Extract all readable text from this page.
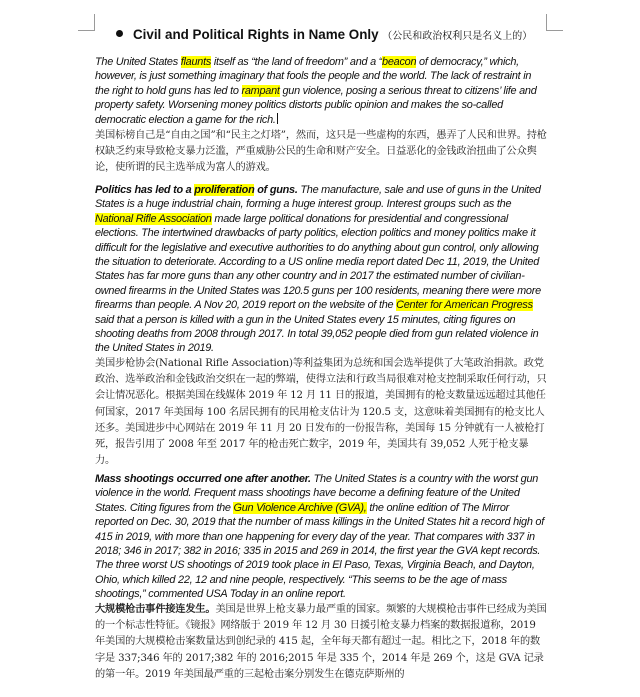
Civil and Political Rights in Name Only （公民和政治权利只是名义上的）

The United States flaunts itself as “the land of freedom” and a “beacon of democracy,” which, however, is just something imaginary that fools the people and the world. The lack of restraint in the right to hold guns has led to rampant gun violence, posing a serious threat to citizens’ life and property safety. Worsening money politics distorts public opinion and makes the so-called democratic election a game for the rich.

美国标榜自己是“自由之国”和“民主之灯塔”，然而，这只是一些虚构的东西，愚弄了人民和世界。持枪权缺乏约束导致枪支暴力泛滥，严重威胁公民的生命和财产安全。日益恶化的金钱政治扭曲了公众舆论，使所谓的民主选举成为富人的游戏。

Politics has led to a proliferation of guns. The manufacture, sale and use of guns in the United States is a huge industrial chain, forming a huge interest group. Interest groups such as the National Rifle Association made large political donations for presidential and congressional elections. The intertwined drawbacks of party politics, election politics and money politics make it difficult for the legislative and executive authorities to do anything about gun control, only allowing the situation to deteriorate. According to a US online media report dated Dec 11, 2019, the United States has far more guns than any other country and in 2017 the estimated number of civilian-owned firearms in the United States was 120.5 guns per 100 residents, meaning there were more firearms than people. A Nov 20, 2019 report on the website of the Center for American Progress said that a person is killed with a gun in the United States every 15 minutes, citing figures on shooting deaths from 2008 through 2017. In total 39,052 people died from gun related violence in the United States in 2019.

美国步枪协会(National Rifle Association)等利益集团为总统和国会选举提供了大笔政治捐款。政党政治、选举政治和金钱政治交织在一起的弊端，使得立法和行政当局很难对枪支控制采取任何行动，只会让情况恶化。根据美国在线媒体 2019 年 12 月 11 日的报道，美国拥有的枪支数量远远超过其他任何国家，2017 年美国每 100 名居民拥有的民用枪支估计为 120.5 支，这意味着美国拥有的枪支比人还多。美国进步中心网站在 2019 年 11 月 20 日发布的一份报告称，美国每 15 分钟就有一人被枪打死，报告引用了 2008 年至 2017 年的枪击死亡数字，2019 年，美国共有 39,052 人死于枪支暴力。

Mass shootings occurred one after another. The United States is a country with the worst gun violence in the world. Frequent mass shootings have become a defining feature of the United States. Citing figures from the Gun Violence Archive (GVA), the online edition of The Mirror reported on Dec. 30, 2019 that the number of mass killings in the United States hit a record high of 415 in 2019, with more than one happening for every day of the year. That compares with 337 in 2018; 346 in 2017; 382 in 2016; 335 in 2015 and 269 in 2014, the first year the GVA kept records. The three worst US shootings of 2019 took place in El Paso, Texas, Virginia Beach, and Dayton, Ohio, which killed 22, 12 and nine people, respectively. “This seems to be the age of mass shootings,” commented USA Today in an online report.

大规模枪击事件接连发生。美国是世界上枪支暴力最严重的国家。频繁的大规模枪击事件已经成为美国的一个标志性特征。《镜报》网络版于 2019 年 12 月 30 日援引枪支暴力档案的数据报道称，2019 年美国的大规模枪击案数量达到创纪录的 415 起，全年每天都有超过一起。相比之下，2018 年的数字是 337;346 年的 2017;382 年的 2016;2015 年是 335 个，2014 年是 269 个，这是 GVA 记录的第一年。2019 年美国最严重的三起枪击案分别发生在德克萨斯州的
